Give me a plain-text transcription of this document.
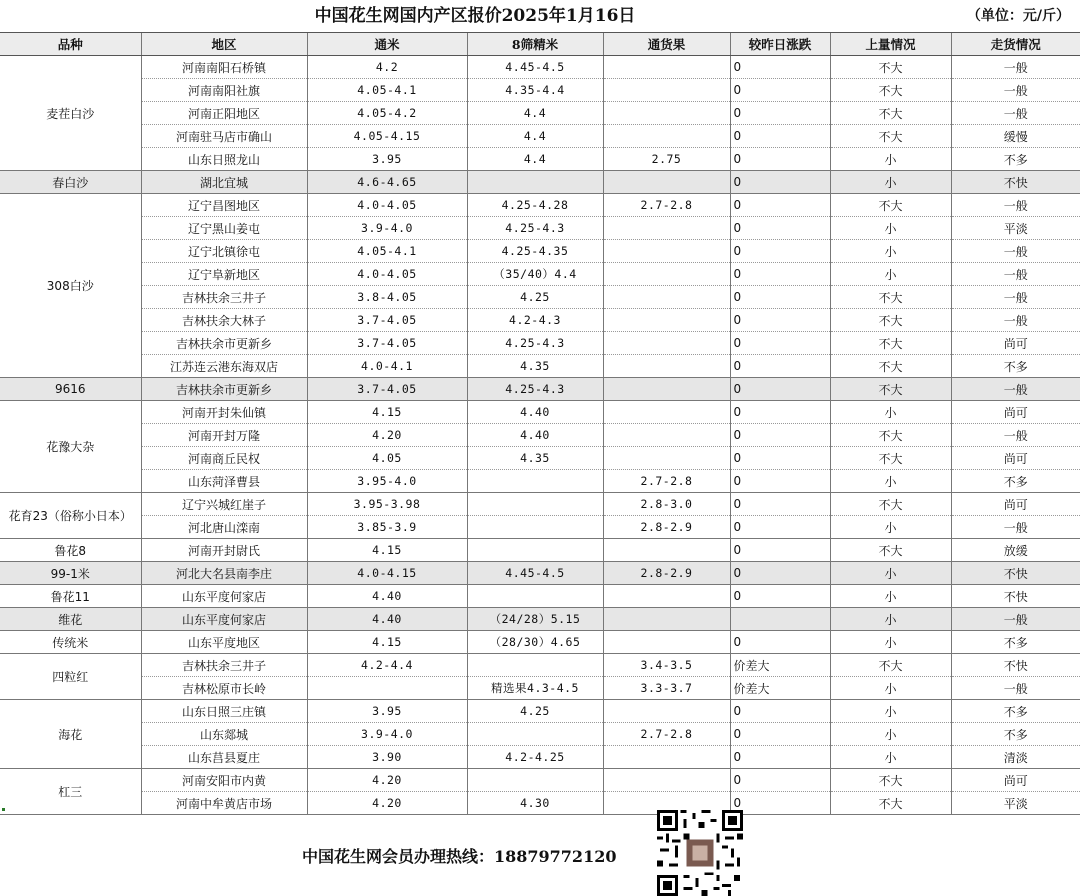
中国花生网国内产区报价2025年1月16日	（单位：元/斤）
品种	地区	通米	8筛精米	通货果	较昨日涨跌	上量情况	走货情况
麦茬白沙	河南南阳石桥镇	4.2	4.45-4.5		0	不大	一般
	河南南阳社旗	4.05-4.1	4.35-4.4		0	不大	一般
	河南正阳地区	4.05-4.2	4.4		0	不大	一般
	河南驻马店市确山	4.05-4.15	4.4		0	不大	缓慢
	山东日照龙山	3.95	4.4	2.75	0	小	不多
春白沙	湖北宜城	4.6-4.65			0	小	不快
308白沙	辽宁昌图地区	4.0-4.05	4.25-4.28	2.7-2.8	0	不大	一般
	辽宁黑山姜屯	3.9-4.0	4.25-4.3		0	小	平淡
	辽宁北镇徐屯	4.05-4.1	4.25-4.35		0	小	一般
	辽宁阜新地区	4.0-4.05	（35/40）4.4		0	小	一般
	吉林扶余三井子	3.8-4.05	4.25		0	不大	一般
	吉林扶余大林子	3.7-4.05	4.2-4.3		0	不大	一般
	吉林扶余市更新乡	3.7-4.05	4.25-4.3		0	不大	尚可
	江苏连云港东海双店	4.0-4.1	4.35		0	不大	不多
9616	吉林扶余市更新乡	3.7-4.05	4.25-4.3		0	不大	一般
花豫大杂	河南开封朱仙镇	4.15	4.40		0	小	尚可
	河南开封万隆	4.20	4.40		0	不大	一般
	河南商丘民权	4.05	4.35		0	不大	尚可
	山东菏泽曹县	3.95-4.0		2.7-2.8	0	小	不多
花育23（俗称小日本）	辽宁兴城红崖子	3.95-3.98		2.8-3.0	0	不大	尚可
	河北唐山滦南	3.85-3.9		2.8-2.9	0	小	一般
鲁花8	河南开封尉氏	4.15			0	不大	放缓
99-1米	河北大名县南李庄	4.0-4.15	4.45-4.5	2.8-2.9	0	小	不快
鲁花11	山东平度何家店	4.40			0	小	不快
维花	山东平度何家店	4.40	（24/28）5.15			小	一般
传统米	山东平度地区	4.15	（28/30）4.65		0	小	不多
四粒红	吉林扶余三井子	4.2-4.4		3.4-3.5	价差大	不大	不快
	吉林松原市长岭		精选果4.3-4.5	3.3-3.7	价差大	小	一般
海花	山东日照三庄镇	3.95	4.25		0	小	不多
	山东郯城	3.9-4.0		2.7-2.8	0	小	不多
	山东莒县夏庄	3.90	4.2-4.25		0	小	清淡
杠三	河南安阳市内黄	4.20			0	不大	尚可
	河南中牟黄店市场	4.20	4.30		0	不大	平淡
中国花生网会员办理热线：18879772120
